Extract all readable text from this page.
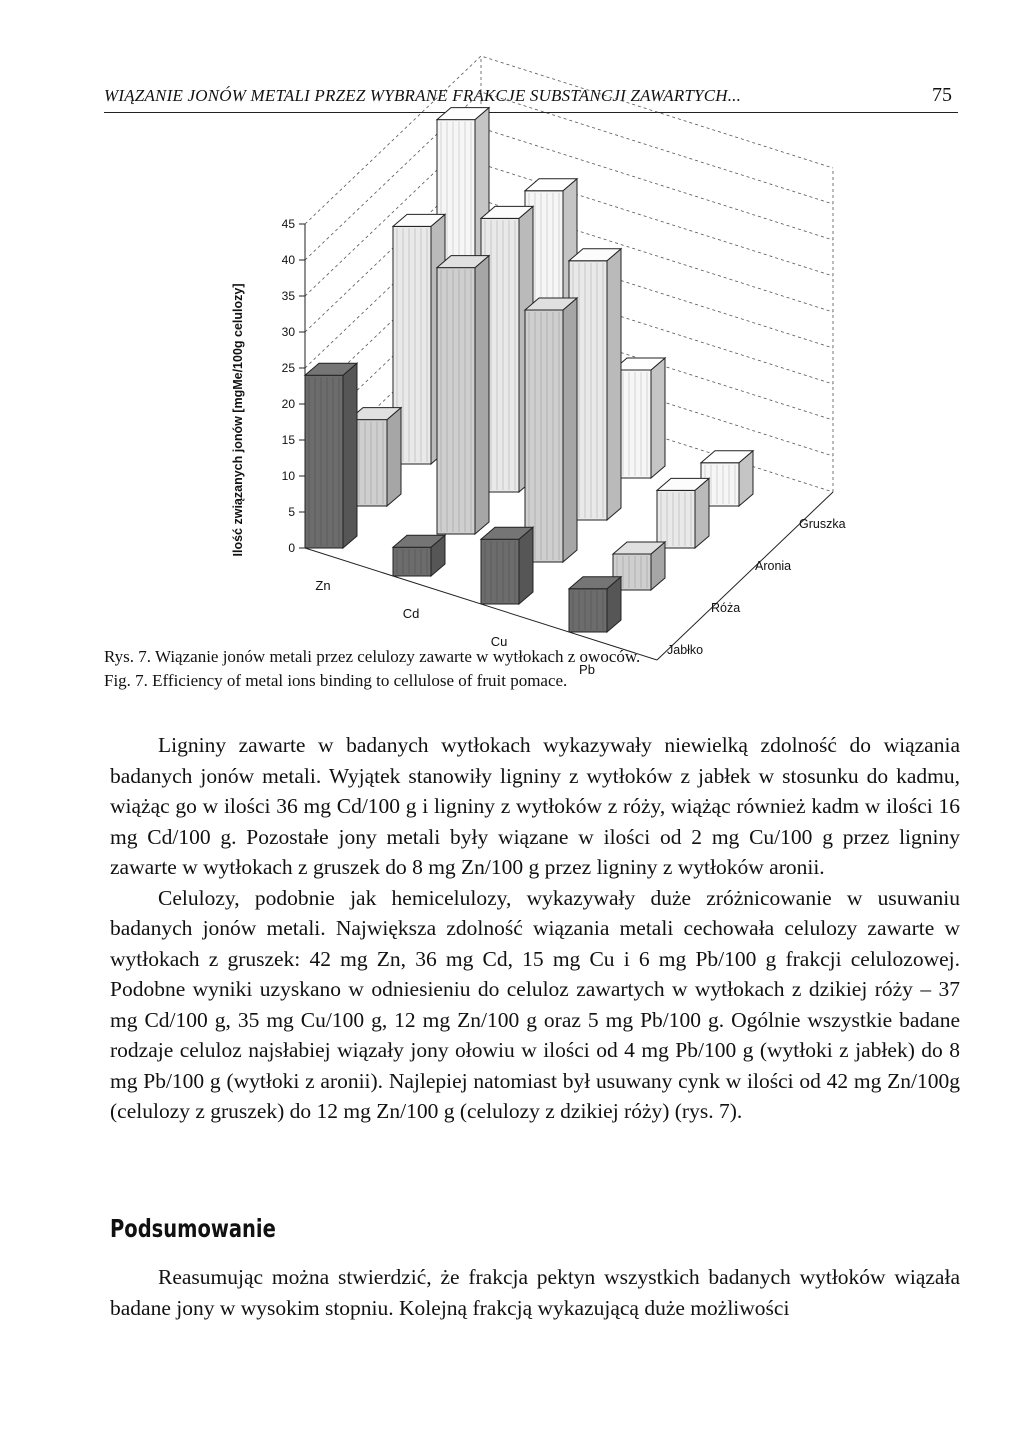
WIĄZANIE JONÓW METALI PRZEZ WYBRANE FRAKCJE SUBSTANCJI ZAWARTYCH...	75
0
5
10
15
20
25
30
35
40
45
Ilość związanych jonów [mgMe/100g celulozy]
Zn
Cd
Cu
Pb
Jabłko
Róża
Aronia
Gruszka
Rys. 7. Wiązanie jonów metali przez celulozy zawarte w wytłokach z owoców.
Fig. 7. Efficiency of metal ions binding to cellulose of fruit pomace.

Ligniny zawarte w badanych wytłokach wykazywały niewielką zdolność do wiązania badanych jonów metali. Wyjątek stanowiły ligniny z wytłoków z jabłek w stosunku do kadmu, wiążąc go w ilości 36 mg Cd/100 g i ligniny z wytłoków z róży, wiążąc również kadm w ilości 16 mg Cd/100 g. Pozostałe jony metali były wiązane w ilości od 2 mg Cu/100 g przez ligniny zawarte w wytłokach z gruszek do 8 mg Zn/100 g przez ligniny z wytłoków aronii.

Celulozy, podobnie jak hemicelulozy, wykazywały duże zróżnicowanie w usuwaniu badanych jonów metali. Największa zdolność wiązania metali cechowała celulozy zawarte w wytłokach z gruszek: 42 mg Zn, 36 mg Cd, 15 mg Cu i 6 mg Pb/100 g frakcji celulozowej. Podobne wyniki uzyskano w odniesieniu do celuloz zawartych w wytłokach z dzikiej róży – 37 mg Cd/100 g, 35 mg Cu/100 g, 12 mg Zn/100 g oraz 5 mg Pb/100 g. Ogólnie wszystkie badane rodzaje celuloz najsłabiej wiązały jony ołowiu w ilości od 4 mg Pb/100 g (wytłoki z jabłek) do 8 mg Pb/100 g (wytłoki z aronii). Najlepiej natomiast był usuwany cynk w ilości od 42 mg Zn/100g (celulozy z gruszek) do 12 mg Zn/100 g (celulozy z dzikiej róży) (rys. 7).

Podsumowanie

Reasumując można stwierdzić, że frakcja pektyn wszystkich badanych wytłoków wiązała badane jony w wysokim stopniu. Kolejną frakcją wykazującą duże możliwości
